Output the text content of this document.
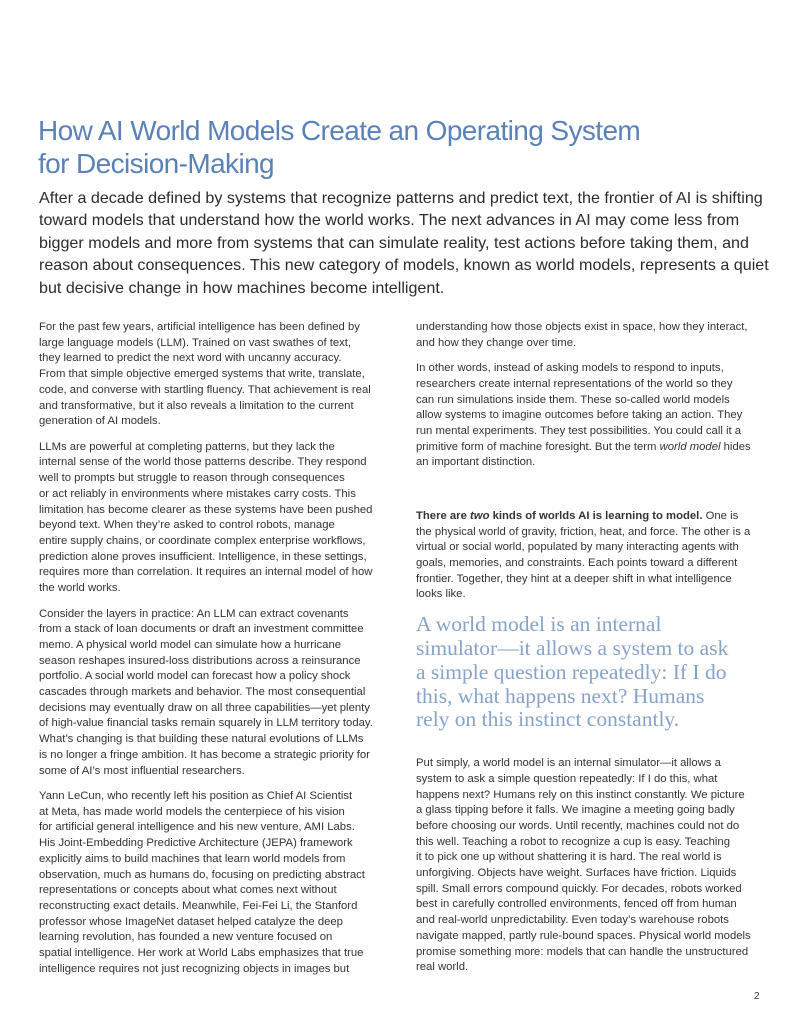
How AI World Models Create an Operating System
for Decision-Making

After a decade defined by systems that recognize patterns and predict text, the frontier of AI is shifting toward models that understand how the world works. The next advances in AI may come less from bigger models and more from systems that can simulate reality, test actions before taking them, and reason about consequences. This new category of models, known as world models, represents a quiet but decisive change in how machines become intelligent.

For the past few years, artificial intelligence has been defined by
large language models (LLM). Trained on vast swathes of text,
they learned to predict the next word with uncanny accuracy.
From that simple objective emerged systems that write, translate,
code, and converse with startling fluency. That achievement is real
and transformative, but it also reveals a limitation to the current
generation of AI models.

LLMs are powerful at completing patterns, but they lack the
internal sense of the world those patterns describe. They respond
well to prompts but struggle to reason through consequences
or act reliably in environments where mistakes carry costs. This
limitation has become clearer as these systems have been pushed
beyond text. When they’re asked to control robots, manage
entire supply chains, or coordinate complex enterprise workflows,
prediction alone proves insufficient. Intelligence, in these settings,
requires more than correlation. It requires an internal model of how
the world works.

Consider the layers in practice: An LLM can extract covenants
from a stack of loan documents or draft an investment committee
memo. A physical world model can simulate how a hurricane
season reshapes insured-loss distributions across a reinsurance
portfolio. A social world model can forecast how a policy shock
cascades through markets and behavior. The most consequential
decisions may eventually draw on all three capabilities—yet plenty
of high-value financial tasks remain squarely in LLM territory today.
What’s changing is that building these natural evolutions of LLMs
is no longer a fringe ambition. It has become a strategic priority for
some of AI’s most influential researchers.

Yann LeCun, who recently left his position as Chief AI Scientist
at Meta, has made world models the centerpiece of his vision
for artificial general intelligence and his new venture, AMI Labs.
His Joint-Embedding Predictive Architecture (JEPA) framework
explicitly aims to build machines that learn world models from
observation, much as humans do, focusing on predicting abstract
representations or concepts about what comes next without
reconstructing exact details. Meanwhile, Fei-Fei Li, the Stanford
professor whose ImageNet dataset helped catalyze the deep
learning revolution, has founded a new venture focused on
spatial intelligence. Her work at World Labs emphasizes that true
intelligence requires not just recognizing objects in images but

understanding how those objects exist in space, how they interact,
and how they change over time.

In other words, instead of asking models to respond to inputs,
researchers create internal representations of the world so they
can run simulations inside them. These so-called world models
allow systems to imagine outcomes before taking an action. They
run mental experiments. They test possibilities. You could call it a
primitive form of machine foresight. But the term world model hides
an important distinction.

There are two kinds of worlds AI is learning to model. One is
the physical world of gravity, friction, heat, and force. The other is a
virtual or social world, populated by many interacting agents with
goals, memories, and constraints. Each points toward a different
frontier. Together, they hint at a deeper shift in what intelligence
looks like.

A world model is an internal
simulator—it allows a system to ask
a simple question repeatedly: If I do
this, what happens next? Humans
rely on this instinct constantly.

Put simply, a world model is an internal simulator—it allows a
system to ask a simple question repeatedly: If I do this, what
happens next? Humans rely on this instinct constantly. We picture
a glass tipping before it falls. We imagine a meeting going badly
before choosing our words. Until recently, machines could not do
this well. Teaching a robot to recognize a cup is easy. Teaching
it to pick one up without shattering it is hard. The real world is
unforgiving. Objects have weight. Surfaces have friction. Liquids
spill. Small errors compound quickly. For decades, robots worked
best in carefully controlled environments, fenced off from human
and real-world unpredictability. Even today’s warehouse robots
navigate mapped, partly rule-bound spaces. Physical world models
promise something more: models that can handle the unstructured
real world.

2
